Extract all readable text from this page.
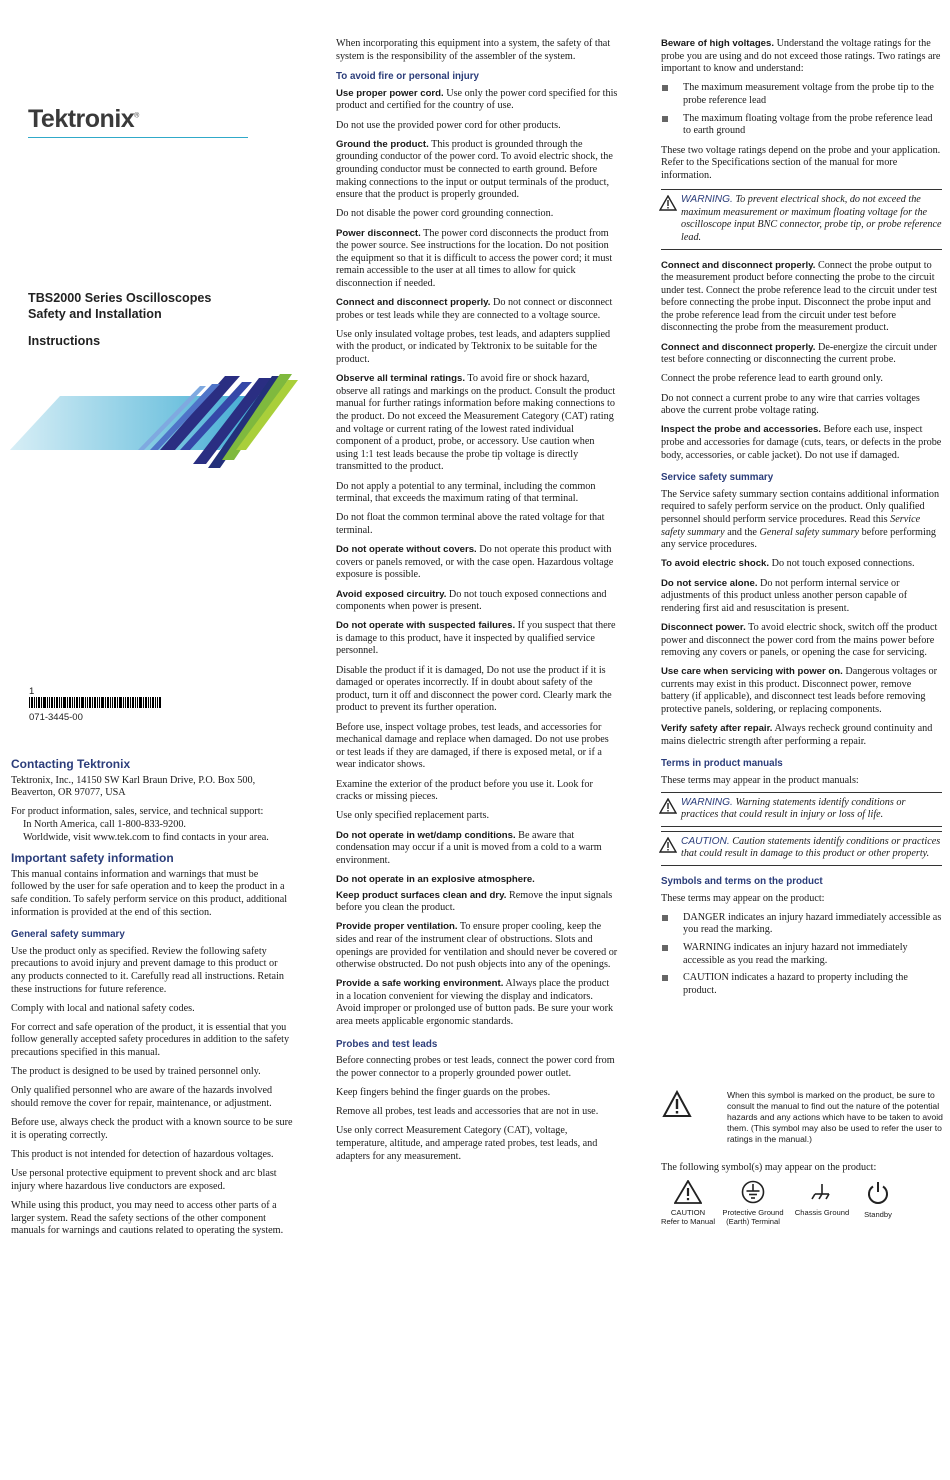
Tektronix®
TBS2000 Series Oscilloscopes
Safety and Installation
Instructions
1
071-3445-00
Contacting Tektronix

Tektronix, Inc., 14150 SW Karl Braun Drive, P.O. Box 500, Beaverton, OR 97077, USA

For product information, sales, service, and technical support:
In North America, call 1-800-833-9200.
Worldwide, visit www.tek.com to find contacts in your area.

Important safety information

This manual contains information and warnings that must be followed by the user for safe operation and to keep the product in a safe condition. To safely perform service on this product, additional information is provided at the end of this section.

General safety summary

Use the product only as specified. Review the following safety precautions to avoid injury and prevent damage to this product or any products connected to it. Carefully read all instructions. Retain these instructions for future reference.

Comply with local and national safety codes.

For correct and safe operation of the product, it is essential that you follow generally accepted safety procedures in addition to the safety precautions specified in this manual.

The product is designed to be used by trained personnel only.

Only qualified personnel who are aware of the hazards involved should remove the cover for repair, maintenance, or adjustment.

Before use, always check the product with a known source to be sure it is operating correctly.

This product is not intended for detection of hazardous voltages.

Use personal protective equipment to prevent shock and arc blast injury where hazardous live conductors are exposed.

While using this product, you may need to access other parts of a larger system. Read the safety sections of the other component manuals for warnings and cautions related to operating the system.

When incorporating this equipment into a system, the safety of that system is the responsibility of the assembler of the system.

To avoid fire or personal injury

Use proper power cord. Use only the power cord specified for this product and certified for the country of use.

Do not use the provided power cord for other products.

Ground the product. This product is grounded through the grounding conductor of the power cord. To avoid electric shock, the grounding conductor must be connected to earth ground. Before making connections to the input or output terminals of the product, ensure that the product is properly grounded.

Do not disable the power cord grounding connection.

Power disconnect. The power cord disconnects the product from the power source. See instructions for the location. Do not position the equipment so that it is difficult to access the power cord; it must remain accessible to the user at all times to allow for quick disconnection if needed.

Connect and disconnect properly. Do not connect or disconnect probes or test leads while they are connected to a voltage source.

Use only insulated voltage probes, test leads, and adapters supplied with the product, or indicated by Tektronix to be suitable for the product.

Observe all terminal ratings. To avoid fire or shock hazard, observe all ratings and markings on the product. Consult the product manual for further ratings information before making connections to the product. Do not exceed the Measurement Category (CAT) rating and voltage or current rating of the lowest rated individual component of a product, probe, or accessory. Use caution when using 1:1 test leads because the probe tip voltage is directly transmitted to the product.

Do not apply a potential to any terminal, including the common terminal, that exceeds the maximum rating of that terminal.

Do not float the common terminal above the rated voltage for that terminal.

Do not operate without covers. Do not operate this product with covers or panels removed, or with the case open. Hazardous voltage exposure is possible.

Avoid exposed circuitry. Do not touch exposed connections and components when power is present.

Do not operate with suspected failures. If you suspect that there is damage to this product, have it inspected by qualified service personnel.

Disable the product if it is damaged, Do not use the product if it is damaged or operates incorrectly. If in doubt about safety of the product, turn it off and disconnect the power cord. Clearly mark the product to prevent its further operation.

Before use, inspect voltage probes, test leads, and accessories for mechanical damage and replace when damaged. Do not use probes or test leads if they are damaged, if there is exposed metal, or if a wear indicator shows.

Examine the exterior of the product before you use it. Look for cracks or missing pieces.

Use only specified replacement parts.

Do not operate in wet/damp conditions. Be aware that condensation may occur if a unit is moved from a cold to a warm environment.

Do not operate in an explosive atmosphere.

Keep product surfaces clean and dry. Remove the input signals before you clean the product.

Provide proper ventilation. To ensure proper cooling, keep the sides and rear of the instrument clear of obstructions. Slots and openings are provided for ventilation and should never be covered or otherwise obstructed. Do not push objects into any of the openings.

Provide a safe working environment. Always place the product in a location convenient for viewing the display and indicators. Avoid improper or prolonged use of button pads. Be sure your work area meets applicable ergonomic standards.

Probes and test leads

Before connecting probes or test leads, connect the power cord from the power connector to a properly grounded power outlet.

Keep fingers behind the finger guards on the probes.

Remove all probes, test leads and accessories that are not in use.

Use only correct Measurement Category (CAT), voltage, temperature, altitude, and amperage rated probes, test leads, and adapters for any measurement.

Beware of high voltages. Understand the voltage ratings for the probe you are using and do not exceed those ratings. Two ratings are important to know and understand:

The maximum measurement voltage from the probe tip to the probe reference lead
The maximum floating voltage from the probe reference lead to earth ground

These two voltage ratings depend on the probe and your application. Refer to the Specifications section of the manual for more information.

WARNING. To prevent electrical shock, do not exceed the maximum measurement or maximum floating voltage for the oscilloscope input BNC connector, probe tip, or probe reference lead.

Connect and disconnect properly. Connect the probe output to the measurement product before connecting the probe to the circuit under test. Connect the probe reference lead to the circuit under test before connecting the probe input. Disconnect the probe input and the probe reference lead from the circuit under test before disconnecting the probe from the measurement product.

Connect and disconnect properly. De-energize the circuit under test before connecting or disconnecting the current probe.

Connect the probe reference lead to earth ground only.

Do not connect a current probe to any wire that carries voltages above the current probe voltage rating.

Inspect the probe and accessories. Before each use, inspect probe and accessories for damage (cuts, tears, or defects in the probe body, accessories, or cable jacket). Do not use if damaged.

Service safety summary

The Service safety summary section contains additional information required to safely perform service on the product. Only qualified personnel should perform service procedures. Read this Service safety summary and the General safety summary before performing any service procedures.

To avoid electric shock. Do not touch exposed connections.

Do not service alone. Do not perform internal service or adjustments of this product unless another person capable of rendering first aid and resuscitation is present.

Disconnect power. To avoid electric shock, switch off the product power and disconnect the power cord from the mains power before removing any covers or panels, or opening the case for servicing.

Use care when servicing with power on. Dangerous voltages or currents may exist in this product. Disconnect power, remove battery (if applicable), and disconnect test leads before removing protective panels, soldering, or replacing components.

Verify safety after repair. Always recheck ground continuity and mains dielectric strength after performing a repair.

Terms in product manuals

These terms may appear in the product manuals:

WARNING. Warning statements identify conditions or practices that could result in injury or loss of life.
CAUTION. Caution statements identify conditions or practices that could result in damage to this product or other property.
Symbols and terms on the product

These terms may appear on the product:

DANGER indicates an injury hazard immediately accessible as you read the marking.
WARNING indicates an injury hazard not immediately accessible as you read the marking.
CAUTION indicates a hazard to property including the product.
When this symbol is marked on the product, be sure to consult the manual to find out the nature of the potential hazards and any actions which have to be taken to avoid them. (This symbol may also be used to refer the user to ratings in the manual.)

The following symbol(s) may appear on the product:

CAUTION
Refer to Manual
Protective Ground
(Earth) Terminal
Chassis Ground	Standby
